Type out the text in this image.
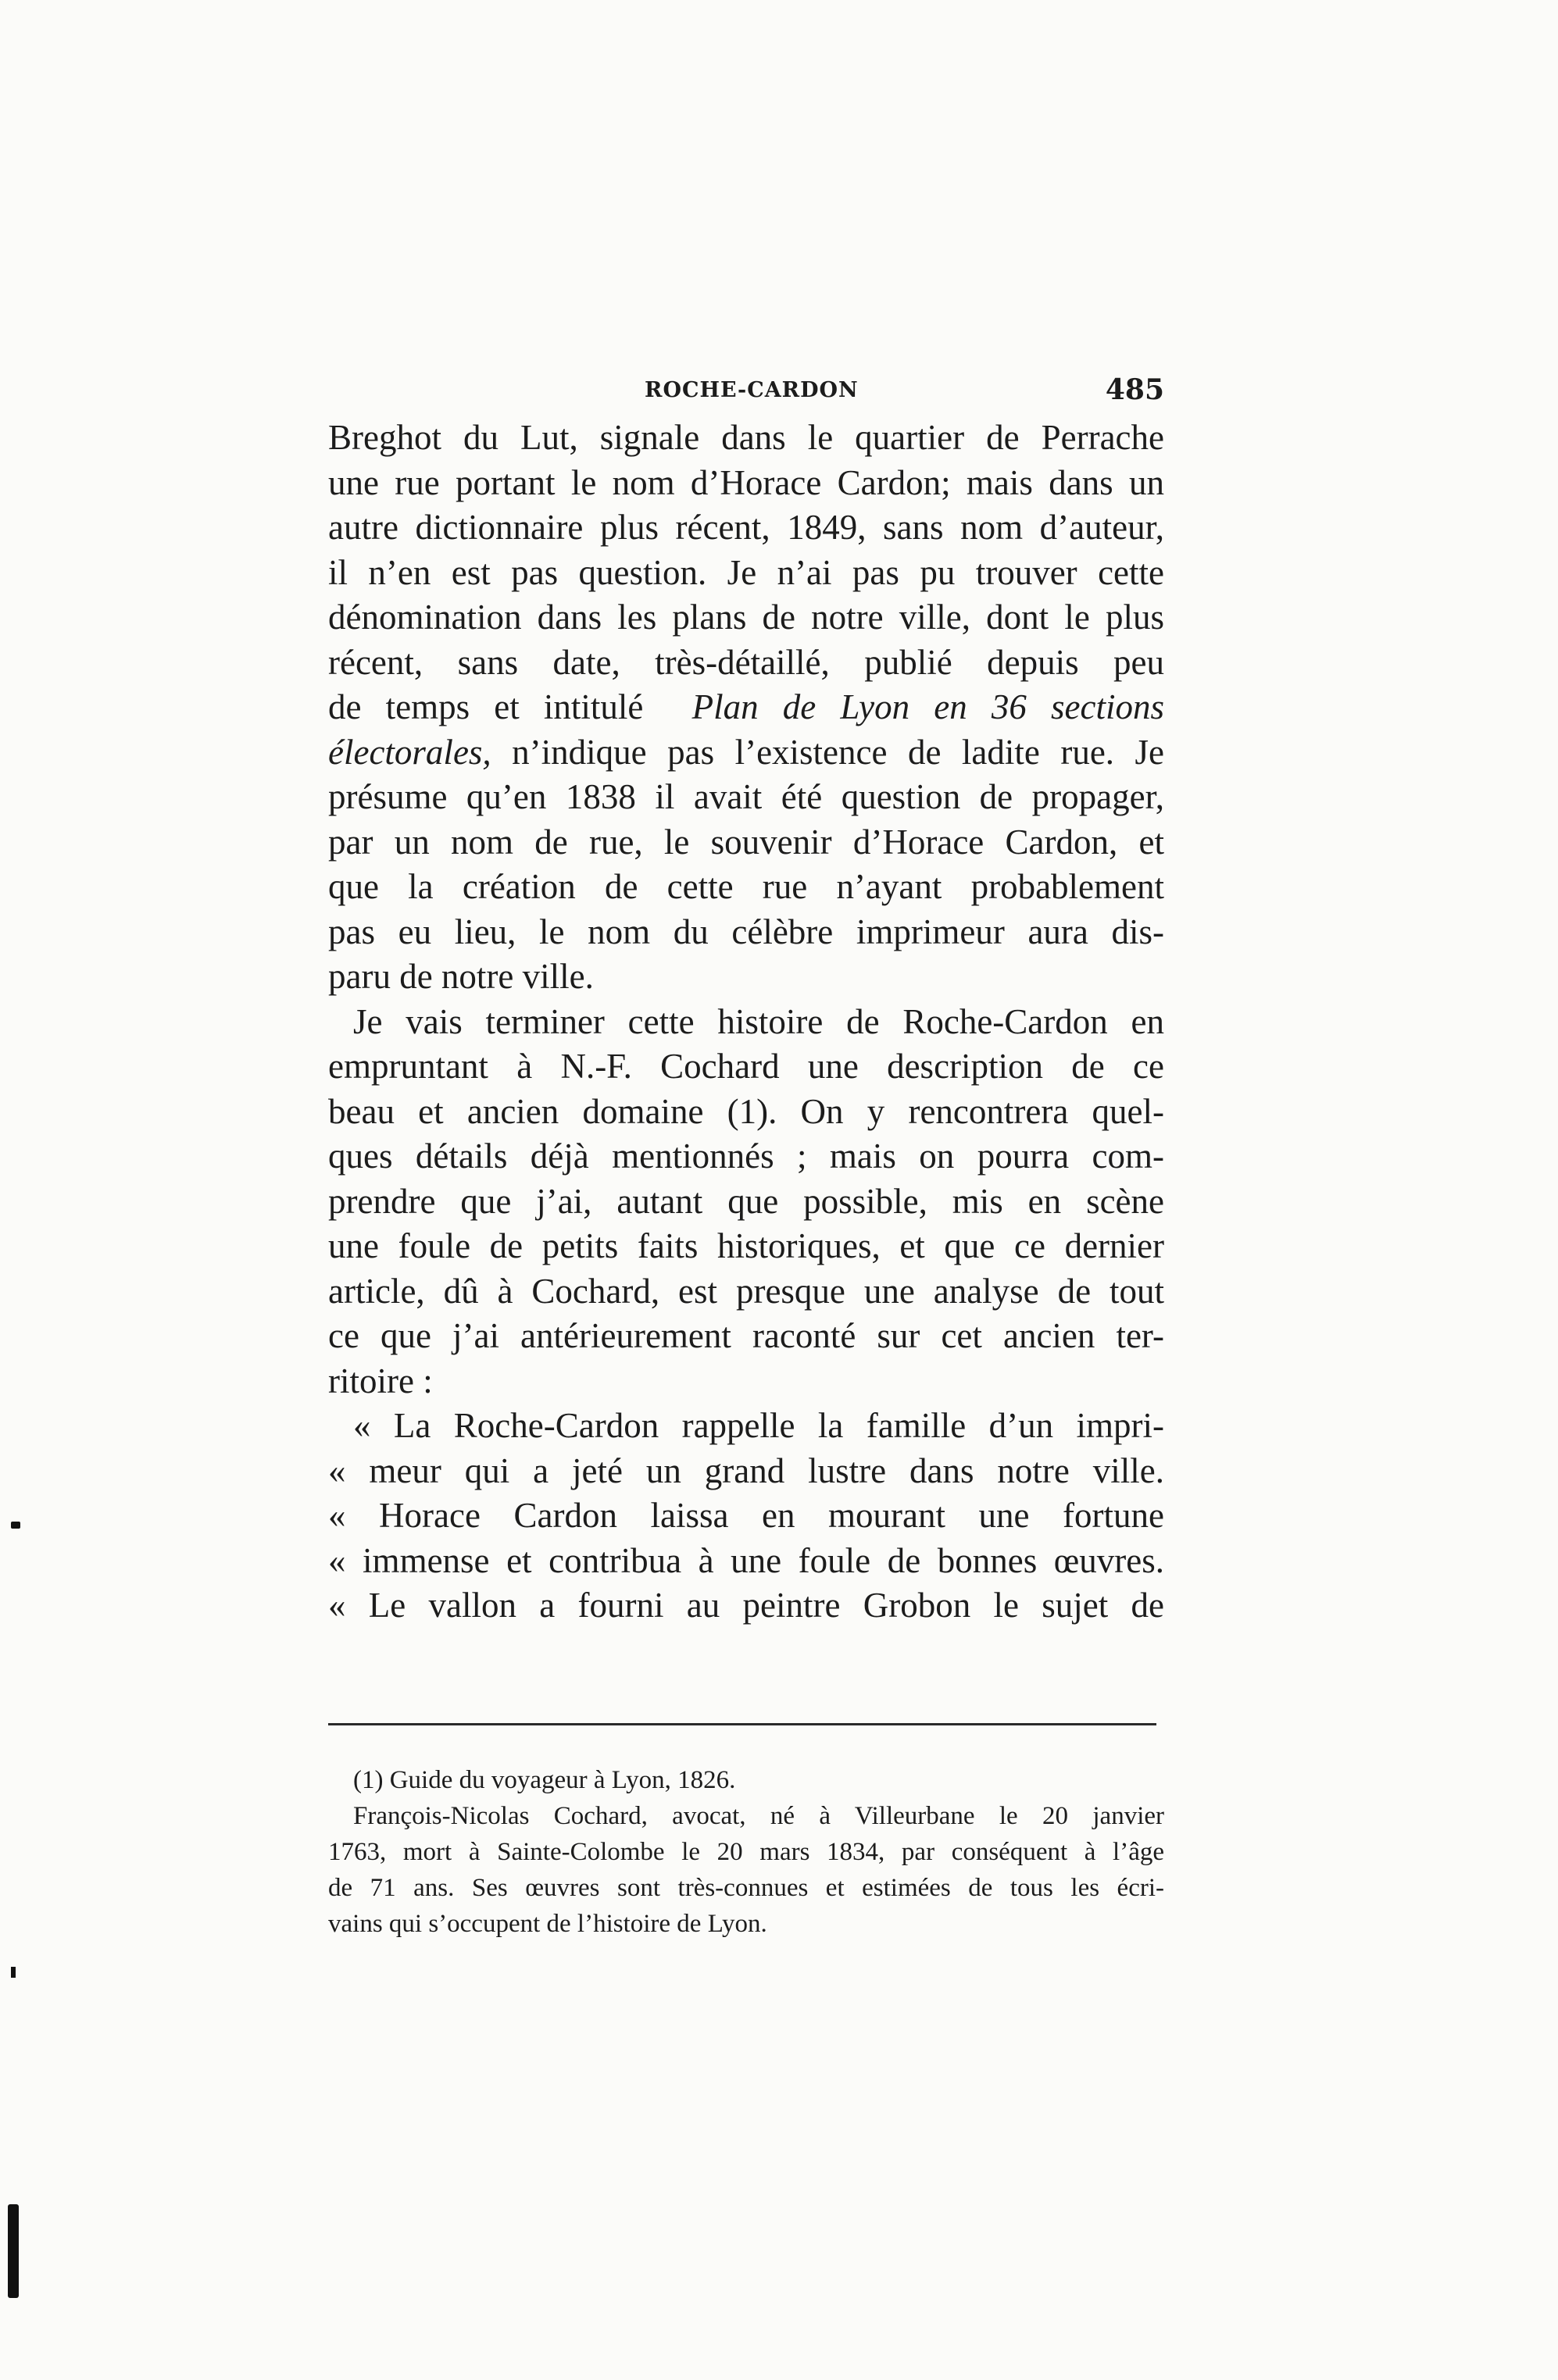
ROCHE-CARDON	485
Breghot du Lut, signale dans le quartier de Perrache
une rue portant le nom d’Horace Cardon; mais dans un
autre dictionnaire plus récent, 1849, sans nom d’auteur,
il n’en est pas question. Je n’ai pas pu trouver cette
dénomination dans les plans de notre ville, dont le plus
récent, sans date, très-détaillé, publié depuis peu
de temps et intitulé Plan de Lyon en 36 sections
électorales, n’indique pas l’existence de ladite rue. Je
présume qu’en 1838 il avait été question de propager,
par un nom de rue, le souvenir d’Horace Cardon, et
que la création de cette rue n’ayant probablement
pas eu lieu, le nom du célèbre imprimeur aura dis-
paru de notre ville.
Je vais terminer cette histoire de Roche-Cardon en
empruntant à N.-F. Cochard une description de ce
beau et ancien domaine (1). On y rencontrera quel-
ques détails déjà mentionnés ; mais on pourra com-
prendre que j’ai, autant que possible, mis en scène
une foule de petits faits historiques, et que ce dernier
article, dû à Cochard, est presque une analyse de tout
ce que j’ai antérieurement raconté sur cet ancien ter-
ritoire :
« La Roche-Cardon rappelle la famille d’un impri-
« meur qui a jeté un grand lustre dans notre ville.
« Horace Cardon laissa en mourant une fortune
« immense et contribua à une foule de bonnes œuvres.
« Le vallon a fourni au peintre Grobon le sujet de
(1) Guide du voyageur à Lyon, 1826.
François-Nicolas Cochard, avocat, né à Villeurbane le 20 janvier
1763, mort à Sainte-Colombe le 20 mars 1834, par conséquent à l’âge
de 71 ans. Ses œuvres sont très-connues et estimées de tous les écri-
vains qui s’occupent de l’histoire de Lyon.
